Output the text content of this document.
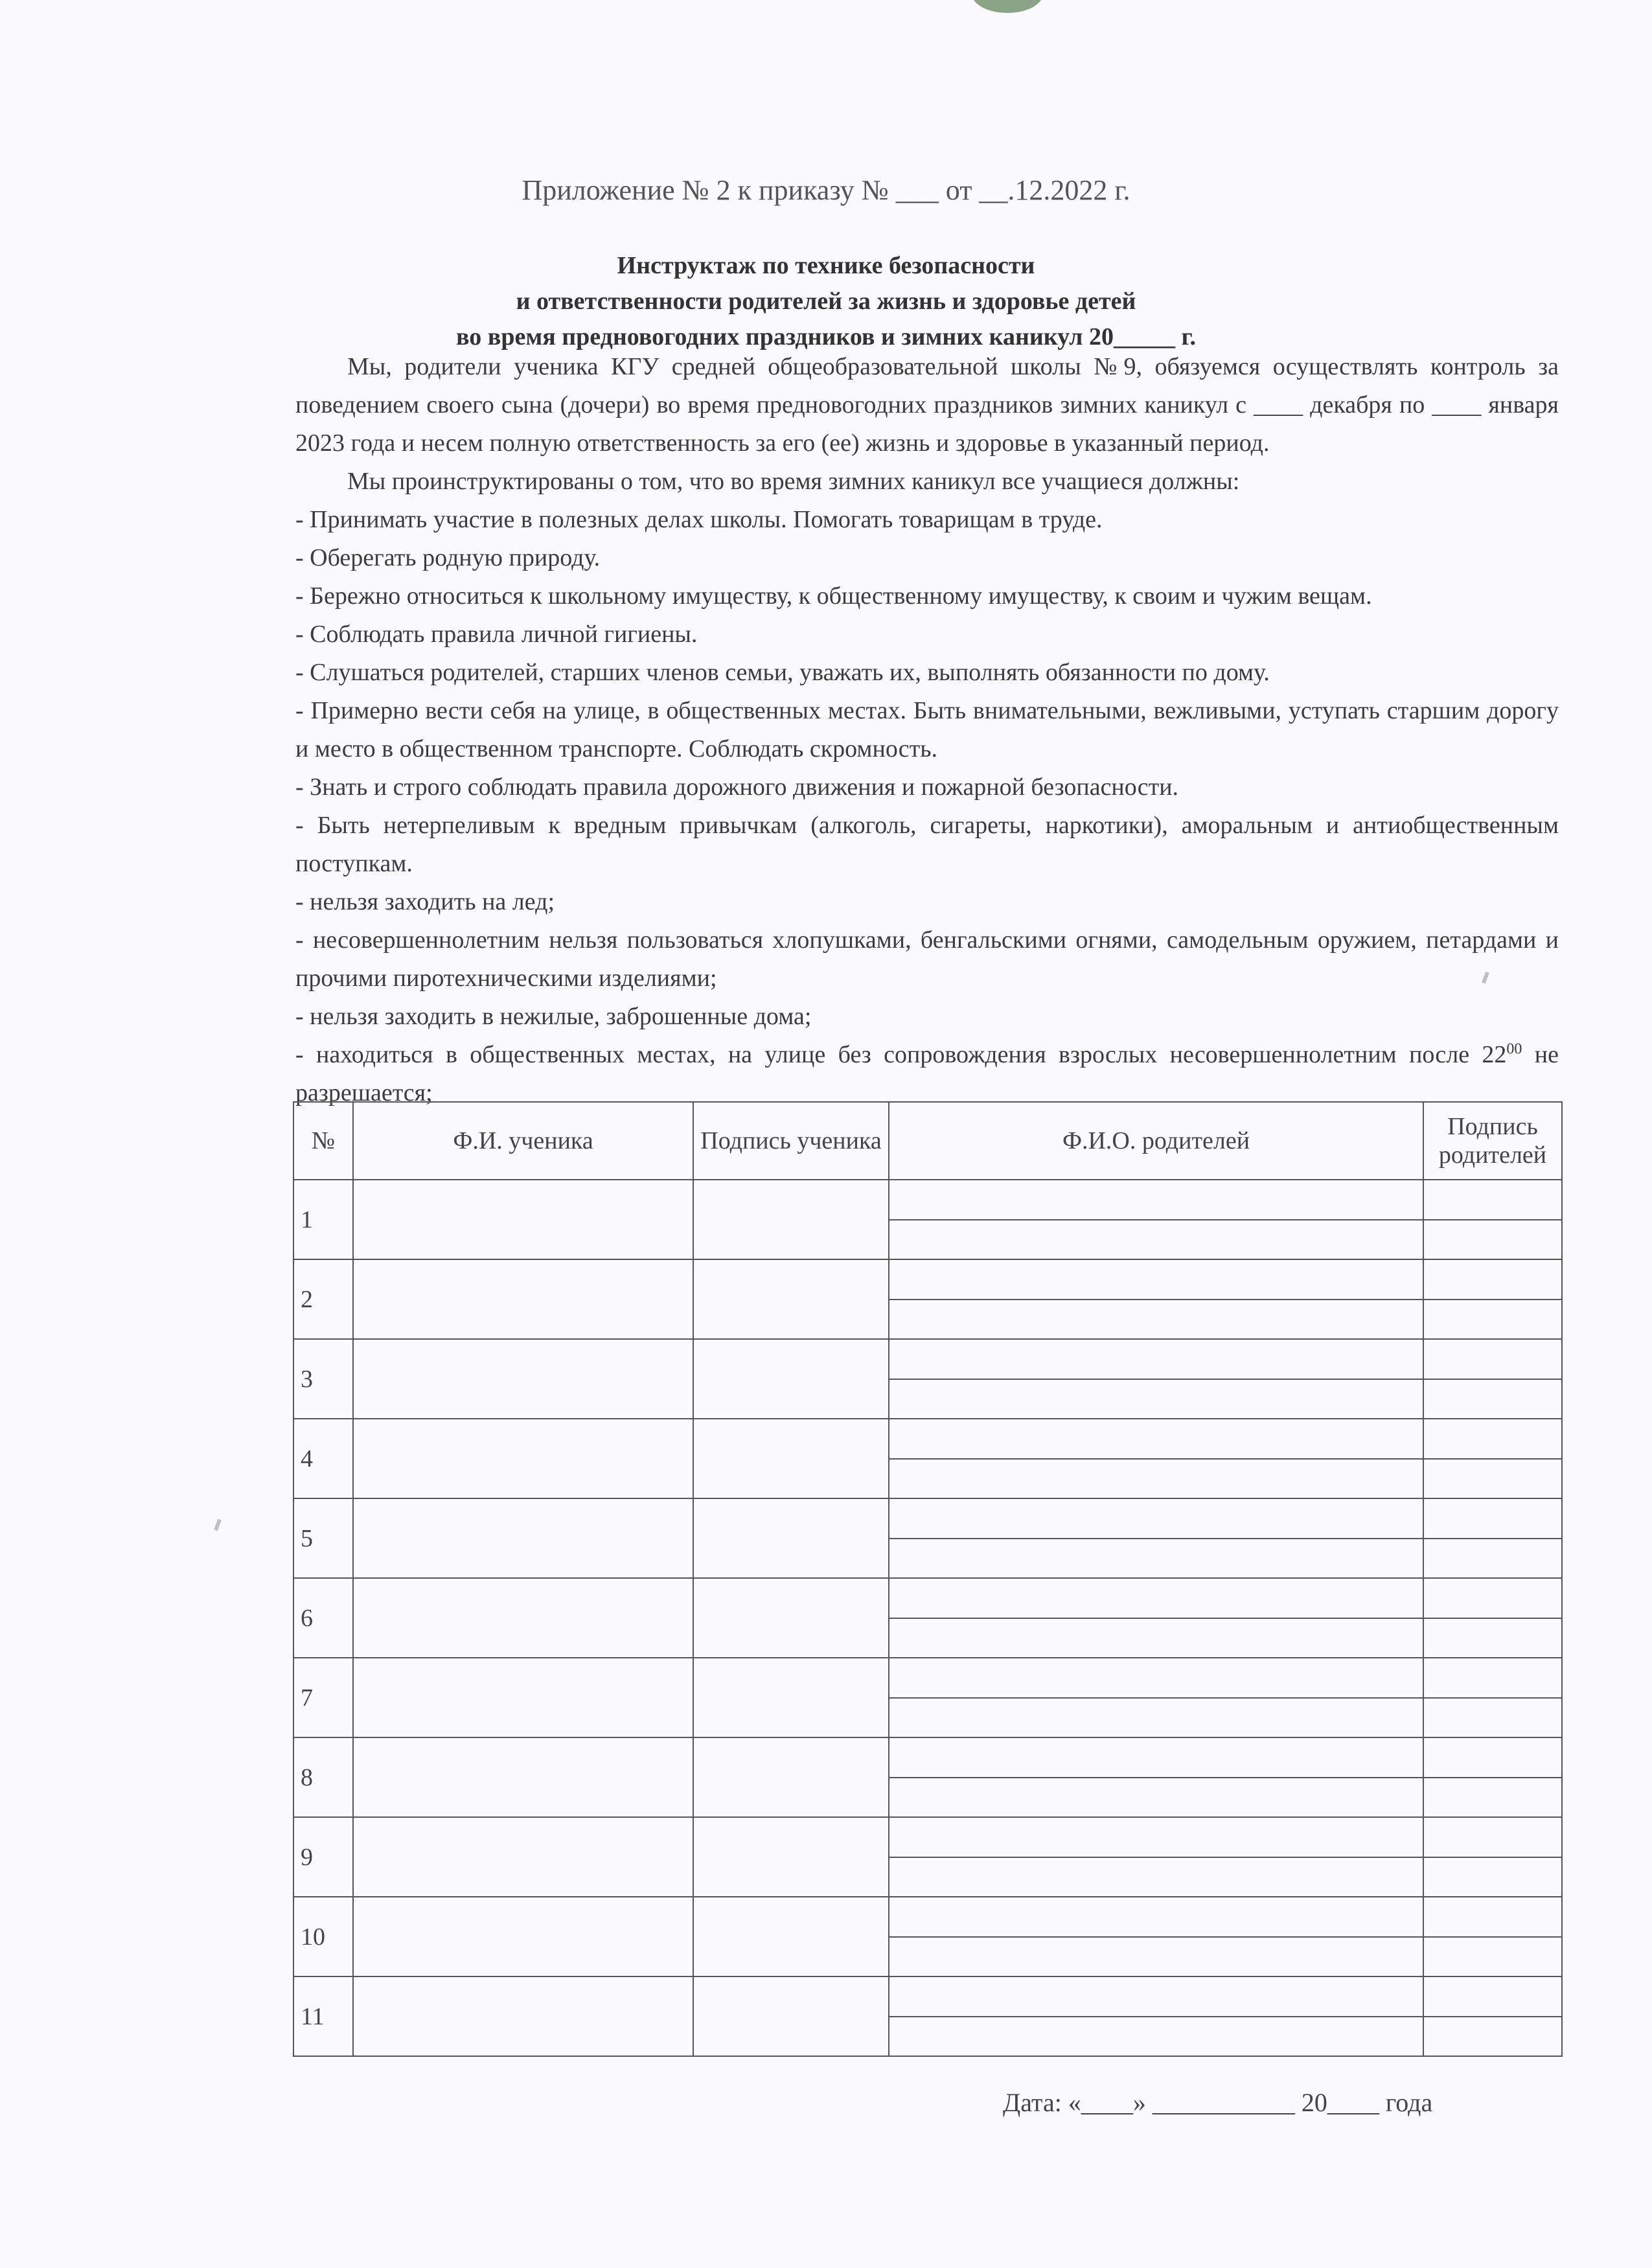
Приложение № 2 к приказу № ___ от __.12.2022 г.
Инструктаж по технике безопасности
и ответственности родителей за жизнь и здоровье детей
во время предновогодних праздников и зимних каникул 20_____ г.

Мы, родители ученика КГУ средней общеобразовательной школы №9, обязуемся осуществлять контроль за поведением своего сына (дочери) во время предновогодних праздников зимних каникул с ____ декабря по ____ января 2023 года и несем полную ответственность за его (ее) жизнь и здоровье в указанный период.

Мы проинструктированы о том, что во время зимних каникул все учащиеся должны:

- Принимать участие в полезных делах школы. Помогать товарищам в труде.

- Оберегать родную природу.

- Бережно относиться к школьному имуществу, к общественному имуществу, к своим и чужим вещам.

- Соблюдать правила личной гигиены.

- Слушаться родителей, старших членов семьи, уважать их, выполнять обязанности по дому.

- Примерно вести себя на улице, в общественных местах. Быть внимательными, вежливыми, уступать старшим дорогу и место в общественном транспорте. Соблюдать скромность.

- Знать и строго соблюдать правила дорожного движения и пожарной безопасности.

- Быть нетерпеливым к вредным привычкам (алкоголь, сигареты, наркотики), аморальным и антиобщественным поступкам.

- нельзя заходить на лед;

- несовершеннолетним нельзя пользоваться хлопушками, бенгальскими огнями, самодельным оружием, петардами и прочими пиротехническими изделиями;

- нельзя заходить в нежилые, заброшенные дома;

- находиться в общественных местах, на улице без сопровождения взрослых несовершеннолетним после $22^{00}$ не разрешается;

№	Ф.И. ученика	Подпись ученика	Ф.И.О. родителей	Подпись родителей
1				

2				

3				

4				

5				

6				

7				

8				

9				

10				

11				

Дата: «____» ___________ 20____ года
